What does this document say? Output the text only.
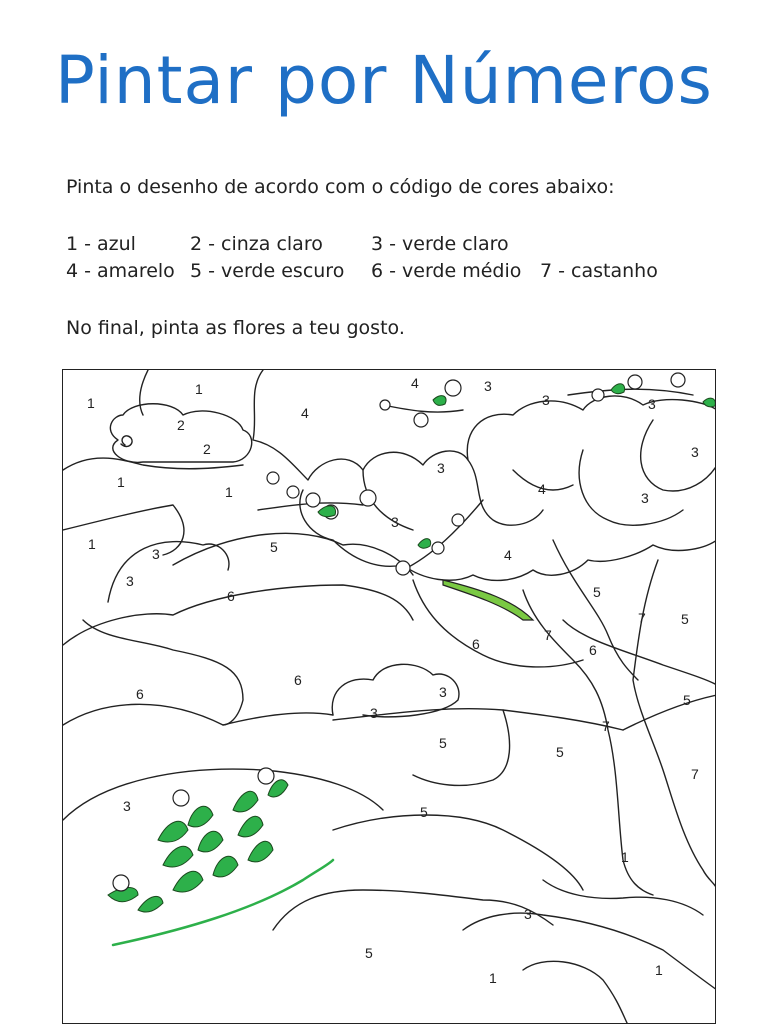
Pintar por Números
Pinta o desenho de acordo com o código de cores abaixo:
1 - azul	2 - cinza claro	3 - verde claro
4 - amarelo 5 - verde escuro 6 - verde médio 7 - castanho
No final, pinta as flores a teu gosto.
1
1
4
4	3
3	3
2
2	3
1
1
3
4
3
3
1
3	5	4
3
6	5
7	5
6
7
6
6
6	3
3
7
5
5
5
3	5
7
1
3
5
1
1
